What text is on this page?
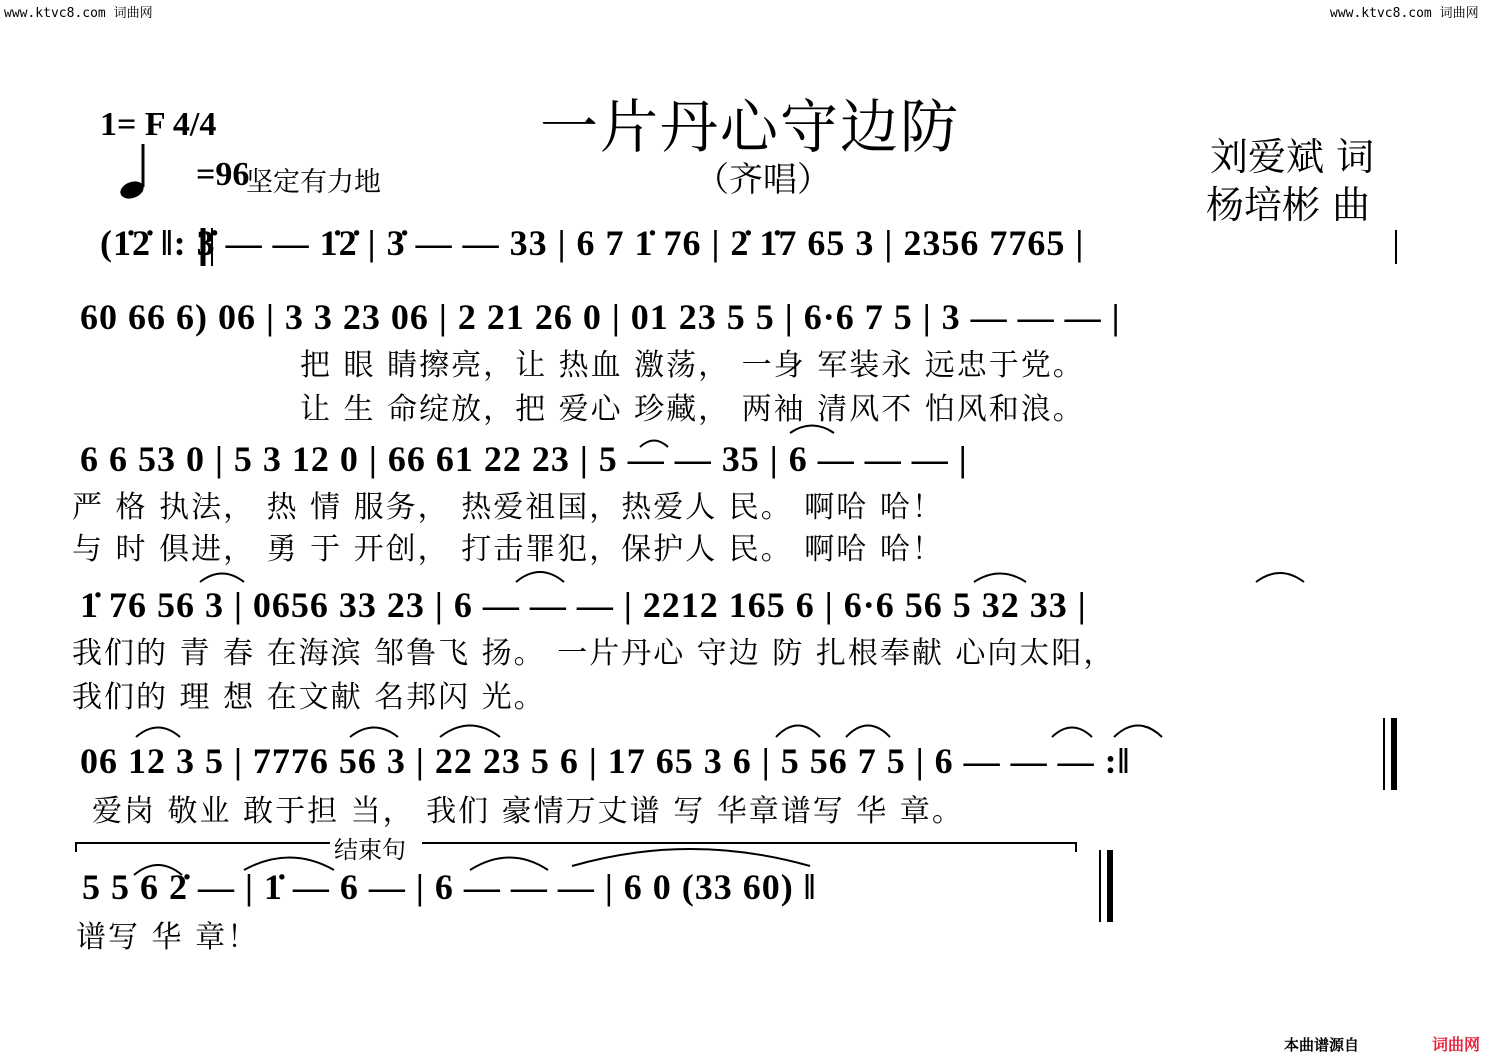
www.ktvc8.com 词曲网	www.ktvc8.com 词曲网
一片丹心守边防
（齐唱）
1= F 4/4
=96
坚定有力地
刘爱斌 词
杨培彬 曲
(1̇2̇ ‖: 3̇ — — 1̇2̇ | 3̇ — — 33 | 6 7 1̇ 76 | 2̇ 1̇7 65 3 | 2356 7765 |
60 66 6) 06 | 3 3 23 06 | 2 21 26 0 | 01 23 5 5 | 6·6 7 5 | 3 — — — |
把 眼 睛擦亮，让 热血 激荡， 一身 军装永 远忠于党。
让 生 命绽放，把 爱心 珍藏， 两袖 清风不 怕风和浪。
6 6 53 0 | 5 3 12 0 | 66 61 22 23 | 5 — — 35 | 6 — — — |
严 格 执法， 热 情 服务， 热爱祖国，热爱人 民。 啊哈 哈！
与 时 俱进， 勇 于 开创， 打击罪犯，保护人 民。 啊哈 哈！
1̇ 76 56 3 | 0656 33 23 | 6 — — — | 2212 165 6 | 6·6 56 5 32 33 |
我们的 青 春 在海滨 邹鲁飞 扬。 一片丹心 守边 防 扎根奉献 心向太阳，
我们的 理 想 在文献 名邦闪 光。
06 12 3 5 | 7776 56 3 | 22 23 5 6 | 17 65 3 6 | 5 56 7 5 | 6 — — — :‖
爱岗 敬业 敢于担 当， 我们 豪情万丈谱 写 华章谱写 华 章。
结束句
5 5 6 2̇ — | 1̇ — 6 — | 6 — — — | 6 0 (33 60) ‖
谱写 华 章！
本曲谱源自	词曲网
